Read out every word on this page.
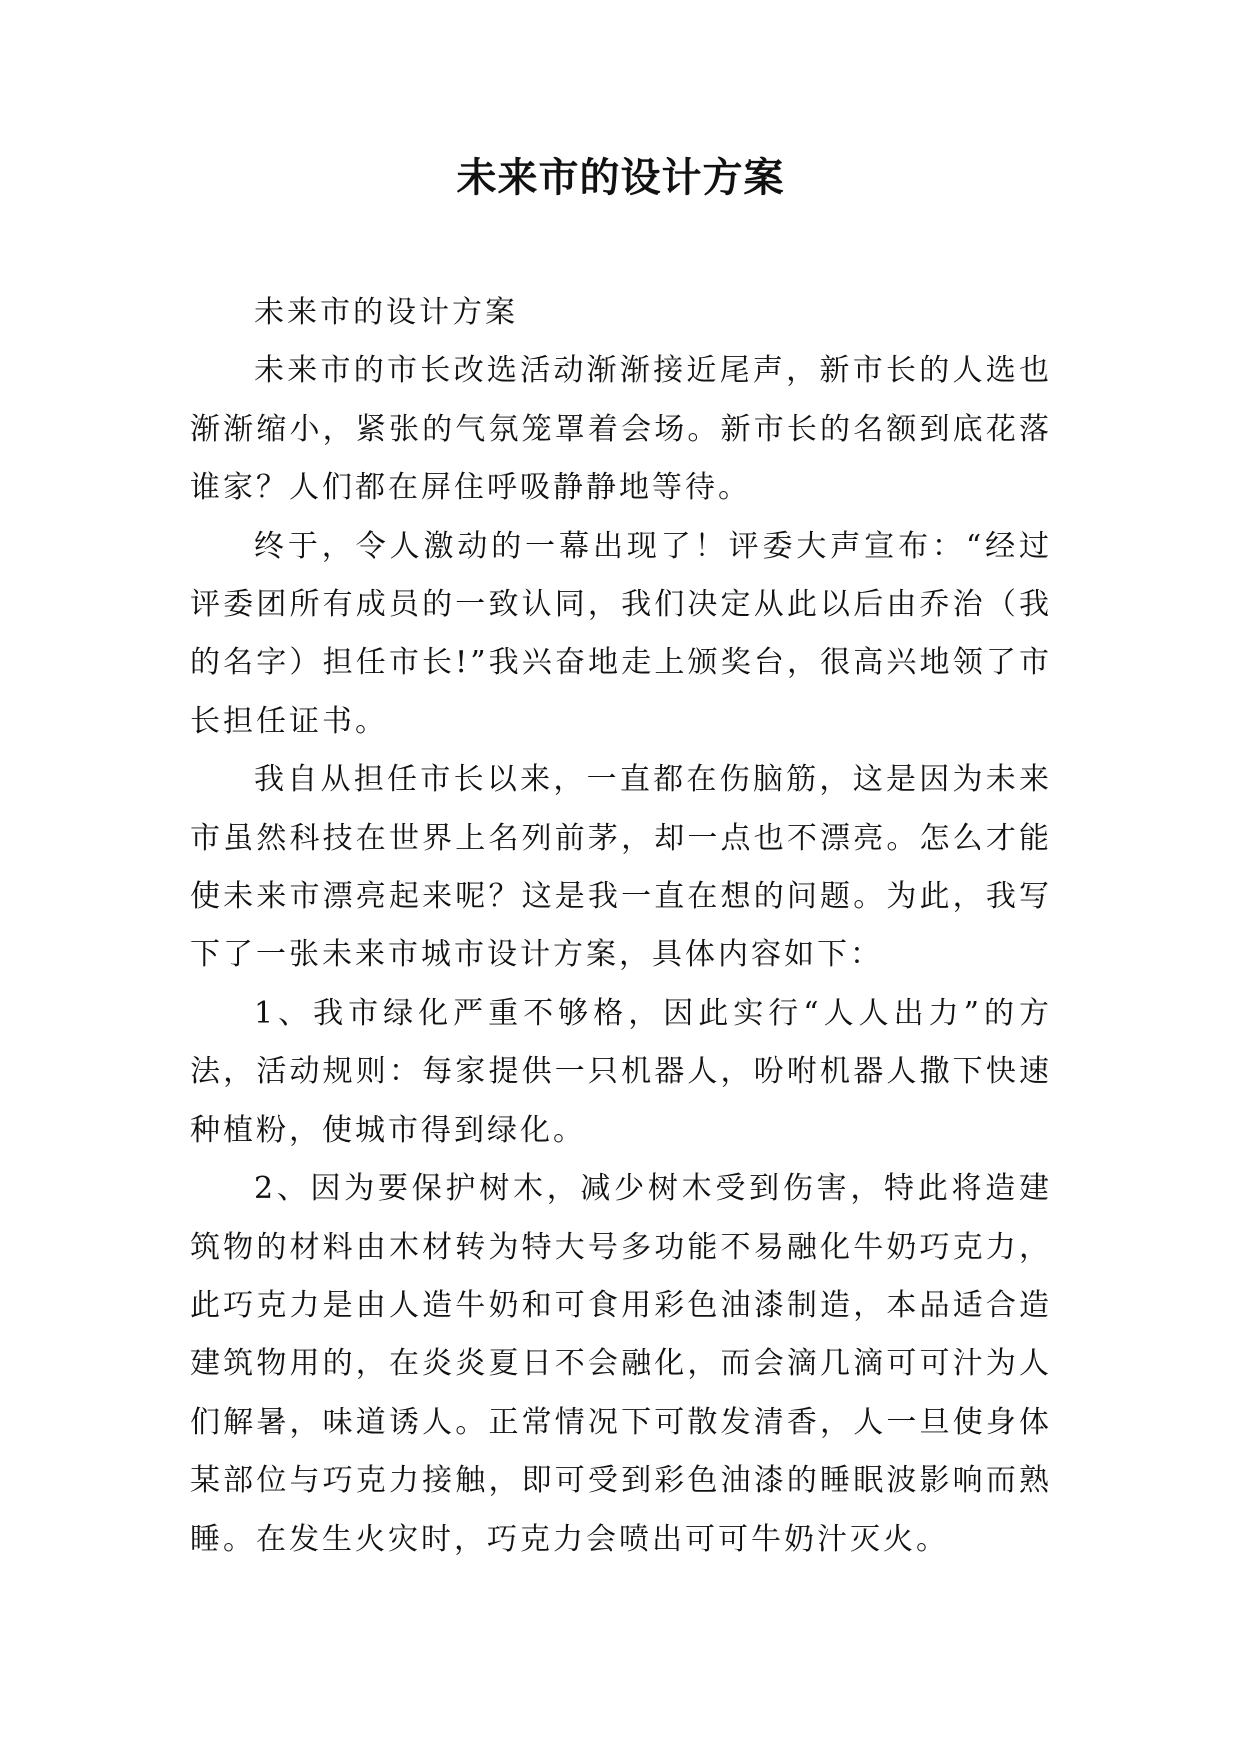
未来市的设计方案

未来市的设计方案

未来市的市长改选活动渐渐接近尾声，新市长的人选也渐渐缩小，紧张的气氛笼罩着会场。新市长的名额到底花落谁家？人们都在屏住呼吸静静地等待。

终于，令人激动的一幕出现了！评委大声宣布：“经过评委团所有成员的一致认同，我们决定从此以后由乔治（我的名字）担任市长!”我兴奋地走上颁奖台，很高兴地领了市长担任证书。

我自从担任市长以来，一直都在伤脑筋，这是因为未来市虽然科技在世界上名列前茅，却一点也不漂亮。怎么才能使未来市漂亮起来呢？这是我一直在想的问题。为此，我写下了一张未来市城市设计方案，具体内容如下：

1、我市绿化严重不够格，因此实行“人人出力”的方法，活动规则：每家提供一只机器人，吩咐机器人撒下快速种植粉，使城市得到绿化。

2、因为要保护树木，减少树木受到伤害，特此将造建筑物的材料由木材转为特大号多功能不易融化牛奶巧克力，此巧克力是由人造牛奶和可食用彩色油漆制造，本品适合造建筑物用的，在炎炎夏日不会融化，而会滴几滴可可汁为人们解暑，味道诱人。正常情况下可散发清香，人一旦使身体某部位与巧克力接触，即可受到彩色油漆的睡眠波影响而熟睡。在发生火灾时，巧克力会喷出可可牛奶汁灭火。
